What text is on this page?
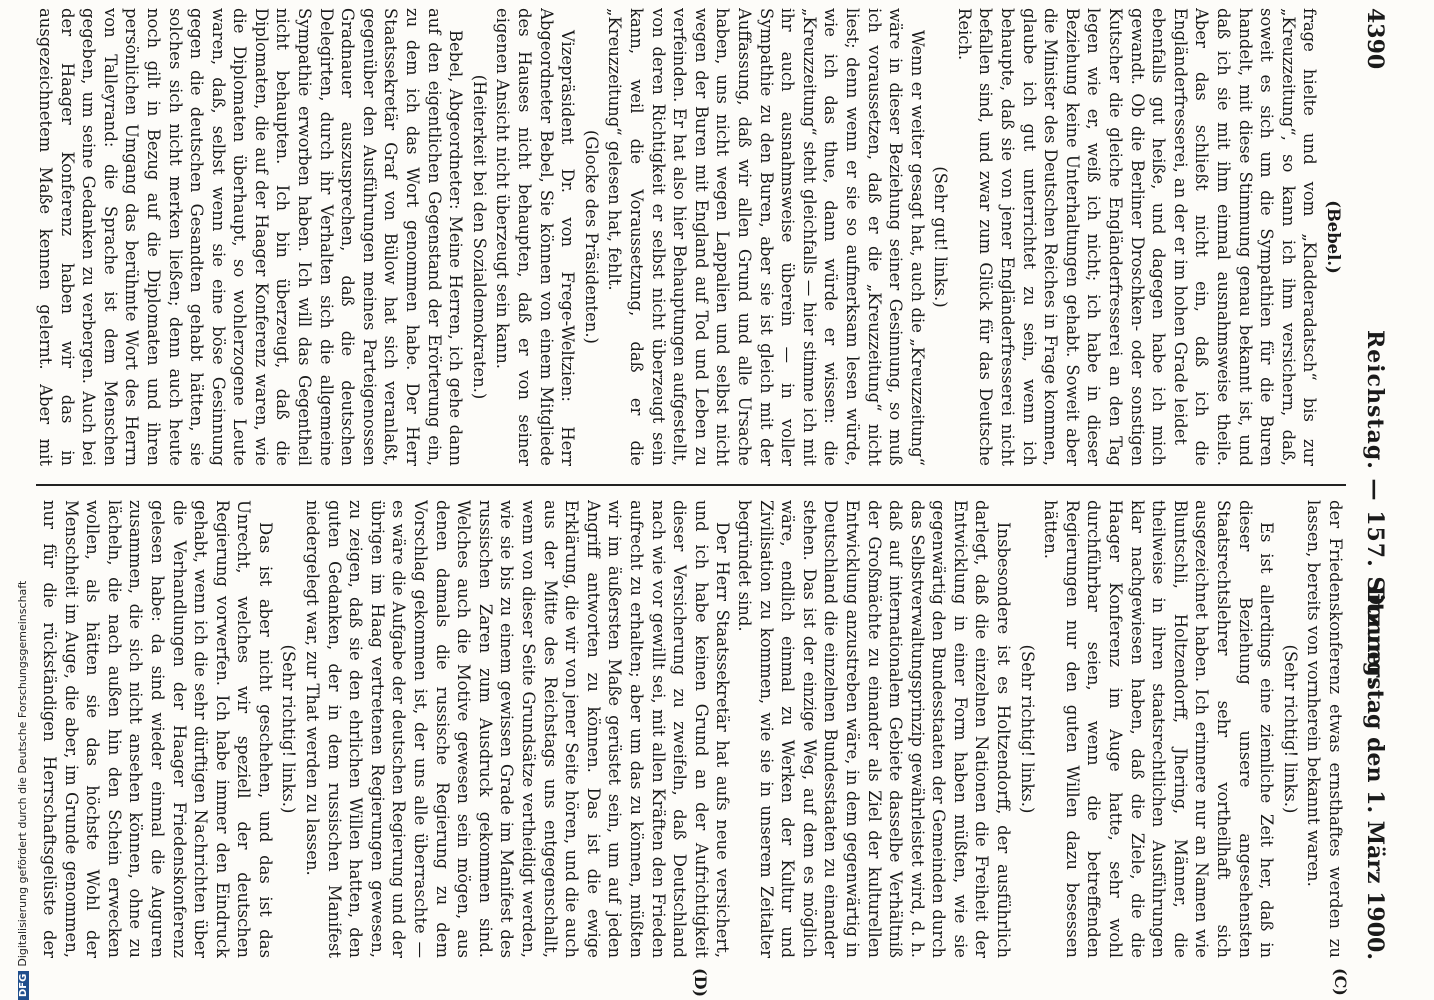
4390
Reichstag. — 157. Sitzung.
Donnerstag den 1. März 1900.
(C)
(D)

(Bebel.)

frage hielte und vom „Kladderadatsch“ bis zur „Kreuzzeitung“, so kann ich ihm versichern, daß, soweit es sich um die Sympathien für die Buren handelt, mit diese Stimmung genau bekannt ist, und daß ich sie mit ihm einmal ausnahmsweise theile. Aber das schließt nicht ein, daß ich die Engländerfresserei, an der er im hohen Grade leidet

ebenfalls gut heiße, und dagegen habe ich mich gewandt. Ob die Berliner Droschken- oder sonstigen Kutscher die gleiche Engländerfresserei an den Tag legen wie er, weiß ich nicht; ich habe in dieser Beziehung keine Unterhaltungen gehabt. Soweit aber die Minister des Deutschen Reiches in Frage kommen, glaube ich gut unterrichtet zu sein, wenn ich behaupte, daß sie von jener Engländerfresserei nicht befallen sind, und zwar zum Glück für das Deutsche Reich.

(Sehr gut! links.)

Wenn er weiter gesagt hat, auch die „Kreuzzeitung“ wäre in dieser Beziehung seiner Gesinnung, so muß ich voraussetzen, daß er die „Kreuzzeitung“ nicht liest; denn wenn er sie so aufmerksam lesen würde, wie ich das thue, dann würde er wissen: die „Kreuzzeitung“ steht gleichfalls — hier stimme ich mit ihr auch ausnahmsweise überein — in voller Sympathie zu den Buren, aber sie ist gleich mit der Auffassung, daß wir allen Grund und alle Ursache haben, uns nicht wegen Lappalien und selbst nicht wegen der Buren mit England auf Tod und Leben zu verfeinden. Er hat also hier Behauptungen aufgestellt, von deren Richtigkeit er selbst nicht überzeugt sein kann, weil die Voraussetzung, daß er die „Kreuzzeitung“ gelesen hat, fehlt.

(Glocke des Präsidenten.)

Vizepräsident Dr. von Frege-Weltzien: Herr Abgeordneter Bebel, Sie können von einem Mitgliede des Hauses nicht behaupten, daß er von seiner eigenen Ansicht nicht überzeugt sein kann.

(Heiterkeit bei den Sozialdemokraten.)

Bebel, Abgeordneter: Meine Herren, ich gehe dann auf den eigentlichen Gegenstand der Erörterung ein, zu dem ich das Wort genommen habe. Der Herr Staatssekretär Graf von Bülow hat sich veranlaßt, gegenüber den Ausführungen meines Parteigenossen Gradnauer auszusprechen, daß die deutschen Delegirten, durch ihr Verhalten sich die allgemeine Sympathie erworben haben. Ich will das Gegentheil nicht behaupten. Ich bin überzeugt, daß die Diplomaten, die auf der Haager Konferenz waren, wie die Diplomaten überhaupt, so wohlerzogene Leute waren, daß, selbst wenn sie eine böse Gesinnung gegen die deutschen Gesandten gehabt hätten, sie solches sich nicht merken ließen; denn auch heute noch gilt in Bezug auf die Diplomaten und ihren persönlichen Umgang das berühmte Wort des Herrn von Talleyrand: die Sprache ist dem Menschen gegeben, um seine Gedanken zu verbergen. Auch bei der Haager Konferenz haben wir das in ausgezeichnetem Maße kennen gelernt. Aber mit

der Friedenskonferenz etwas ernsthaftes werden zu lassen, bereits von vornherein bekannt waren.

(Sehr richtig! links.)

Es ist allerdings eine ziemliche Zeit her, daß in dieser Beziehung unsere angesehensten Staatsrechtslehrer sehr vortheilhaft sich ausgezeichnet haben. Ich erinnere nur an Namen wie Bluntschli, Holtzendorff, Jhering, Männer, die theilweise in ihren staatsrechtlichen Ausführungen klar nachgewiesen haben, daß die Ziele, die die Haager Konferenz im Auge hatte, sehr wohl durchführbar seien, wenn die betreffenden Regierungen nur den guten Willen dazu besessen hätten.

(Sehr richtig! links.)

Insbesondere ist es Holtzendorff, der ausführlich darlegt, daß die einzelnen Nationen die Freiheit der Entwicklung in einer Form haben müßten, wie sie gegenwärtig den Bundesstaaten der Gemeinden durch das Selbstverwaltungsprinzip gewährleistet wird, d. h. daß auf internationalem Gebiete dasselbe Verhältniß der Großmächte zu einander als Ziel der kulturellen Entwicklung anzustreben wäre, in dem gegenwärtig in Deutschland die einzelnen Bundesstaaten zu einander stehen. Das ist der einzige Weg, auf dem es möglich wäre, endlich einmal zu Werken der Kultur und Zivilisation zu kommen, wie sie in unserem Zeitalter begründet sind.

Der Herr Staatssekretär hat aufs neue versichert, und ich habe keinen Grund an der Aufrichtigkeit dieser Versicherung zu zweifeln, daß Deutschland nach wie vor gewillt sei, mit allen Kräften den Frieden aufrecht zu erhalten; aber um das zu können, müßten wir im äußersten Maße gerüstet sein, um auf jeden Angriff antworten zu können. Das ist die ewige Erklärung, die wir von jener Seite hören, und die auch aus der Mitte des Reichstags uns entgegenschallt, wenn von dieser Seite Grundsätze vertheidigt werden, wie sie bis zu einem gewissen Grade im Manifest des russischen Zaren zum Ausdruck gekommen sind. Welches auch die Motive gewesen sein mögen, aus denen damals die russische Regierung zu dem Vorschlag gekommen ist, der uns alle überraschte — es wäre die Aufgabe der deutschen Regierung und der übrigen im Haag vertretenen Regierungen gewesen, zu zeigen, daß sie den ehrlichen Willen hatten, den guten Gedanken, der in dem russischen Manifest niedergelegt war, zur That werden zu lassen.

(Sehr richtig! links.)

Das ist aber nicht geschehen, und das ist das Unrecht, welches wir speziell der deutschen Regierung vorwerfen. Ich habe immer den Eindruck gehabt, wenn ich die sehr dürftigen Nachrichten über die Verhandlungen der Haager Friedenskonferenz gelesen habe: da sind wieder einmal die Auguren zusammen, die sich nicht ansehen können, ohne zu lächeln, die nach außen hin den Schein erwecken wollen, als hätten sie das höchste Wohl der Menschheit im Auge, die aber, im Grunde genommen, nur für die rückständigen Herrschaftsgelüste der

DFGDigitalisierung gefördert durch die Deutsche Forschungsgemeinschaft
